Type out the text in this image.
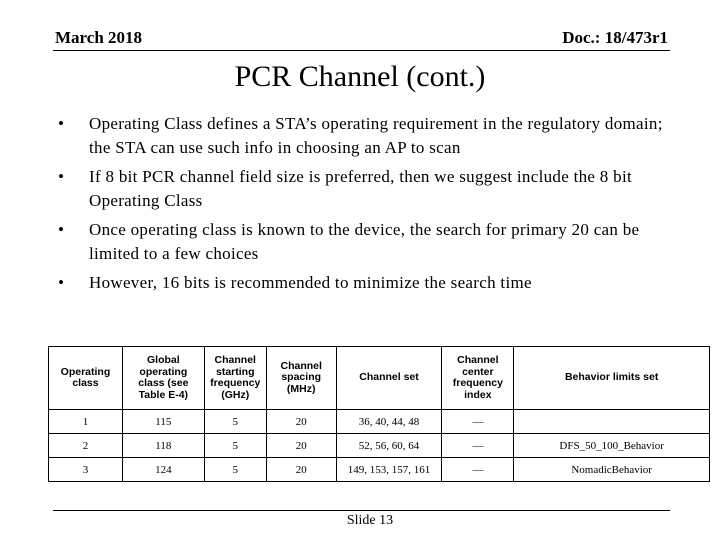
March 2018	Doc.: 18/473r1
PCR Channel (cont.)
• Operating Class defines a STA’s operating requirement in the regulatory domain; the STA can use such info in choosing an AP to scan
• If 8 bit PCR channel field size is preferred, then we suggest include the 8 bit Operating Class
• Once operating class is known to the device, the search for primary 20 can be limited to a few choices
• However, 16 bits is recommended to minimize the search time
Operating class	Global operating class (see Table E-4)	Channel starting frequency (GHz)	Channel spacing (MHz)	Channel set	Channel center frequency index	Behavior limits set
1	115	5	20	36, 40, 44, 48	—	
2	118	5	20	52, 56, 60, 64	—	DFS_50_100_Behavior
3	124	5	20	149, 153, 157, 161	—	NomadicBehavior
Slide 13
